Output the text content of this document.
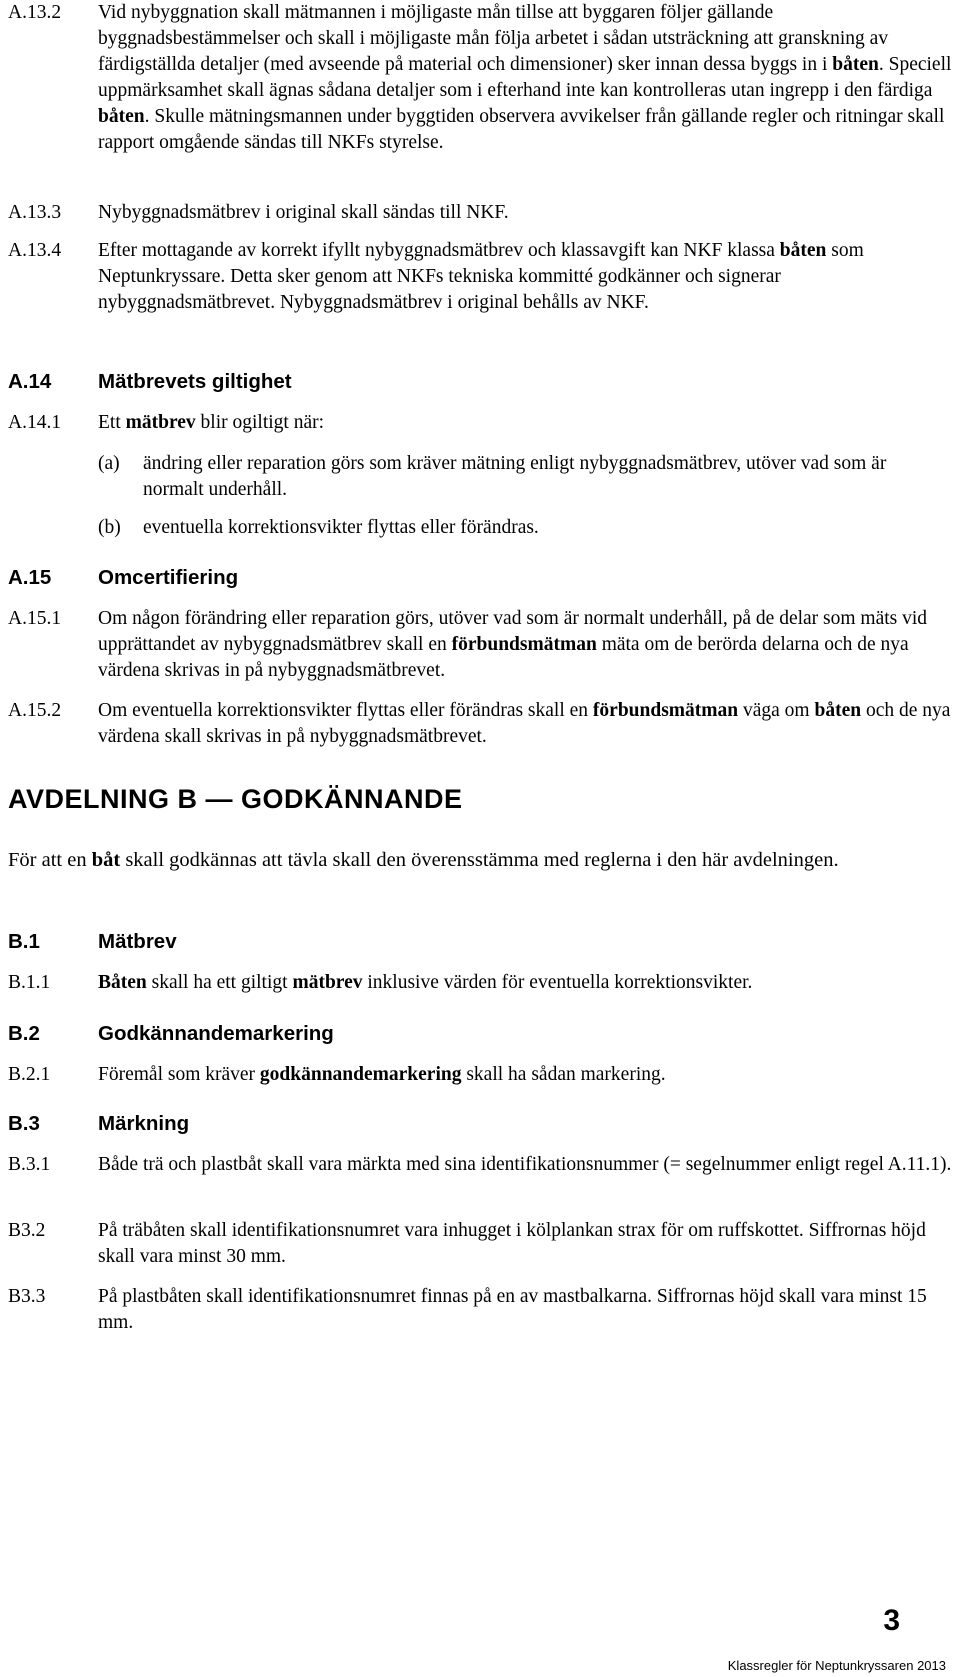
A.13.2 Vid nybyggnation skall mätmannen i möjligaste mån tillse att byggaren följer gällande byggnadsbestämmelser och skall i möjligaste mån följa arbetet i sådan utsträckning att granskning av färdigställda detaljer (med avseende på material och dimensioner) sker innan dessa byggs in i båten. Speciell uppmärksamhet skall ägnas sådana detaljer som i efterhand inte kan kontrolleras utan ingrepp i den färdiga båten. Skulle mätningsmannen under byggtiden observera avvikelser från gällande regler och ritningar skall rapport omgående sändas till NKFs styrelse.
A.13.3 Nybyggnadsmätbrev i original skall sändas till NKF.
A.13.4 Efter mottagande av korrekt ifyllt nybyggnadsmätbrev och klassavgift kan NKF klassa båten som Neptunkryssare. Detta sker genom att NKFs tekniska kommitté godkänner och signerar nybyggnadsmätbrevet. Nybyggnadsmätbrev i original behålls av NKF.
A.14 Mätbrevets giltighet
A.14.1 Ett mätbrev blir ogiltigt när:
(a) ändring eller reparation görs som kräver mätning enligt nybyggnadsmätbrev, utöver vad som är normalt underhåll.
(b) eventuella korrektionsvikter flyttas eller förändras.
A.15 Omcertifiering
A.15.1 Om någon förändring eller reparation görs, utöver vad som är normalt underhåll, på de delar som mäts vid upprättandet av nybyggnadsmätbrev skall en förbundsmätman mäta om de berörda delarna och de nya värdena skrivas in på nybyggnadsmätbrevet.
A.15.2 Om eventuella korrektionsvikter flyttas eller förändras skall en förbundsmätman väga om båten och de nya värdena skall skrivas in på nybyggnadsmätbrevet.
AVDELNING B — GODKÄNNANDE
För att en båt skall godkännas att tävla skall den överensstämma med reglerna i den här avdelningen.
B.1	Mätbrev
B.1.1 Båten skall ha ett giltigt mätbrev inklusive värden för eventuella korrektionsvikter.
B.2	Godkännandemarkering
B.2.1 Föremål som kräver godkännandemarkering skall ha sådan markering.
B.3	Märkning
B.3.1 Både trä och plastbåt skall vara märkta med sina identifikationsnummer (= segelnummer enligt regel A.11.1).
B3.2	På träbåten skall identifikationsnumret vara inhugget i kölplankan strax för om ruffskottet. Siffrornas höjd skall vara minst 30 mm.
B3.3	På plastbåten skall identifikationsnumret finnas på en av mastbalkarna. Siffrornas höjd skall vara minst 15 mm.
3
Klassregler för Neptunkryssaren 2013
